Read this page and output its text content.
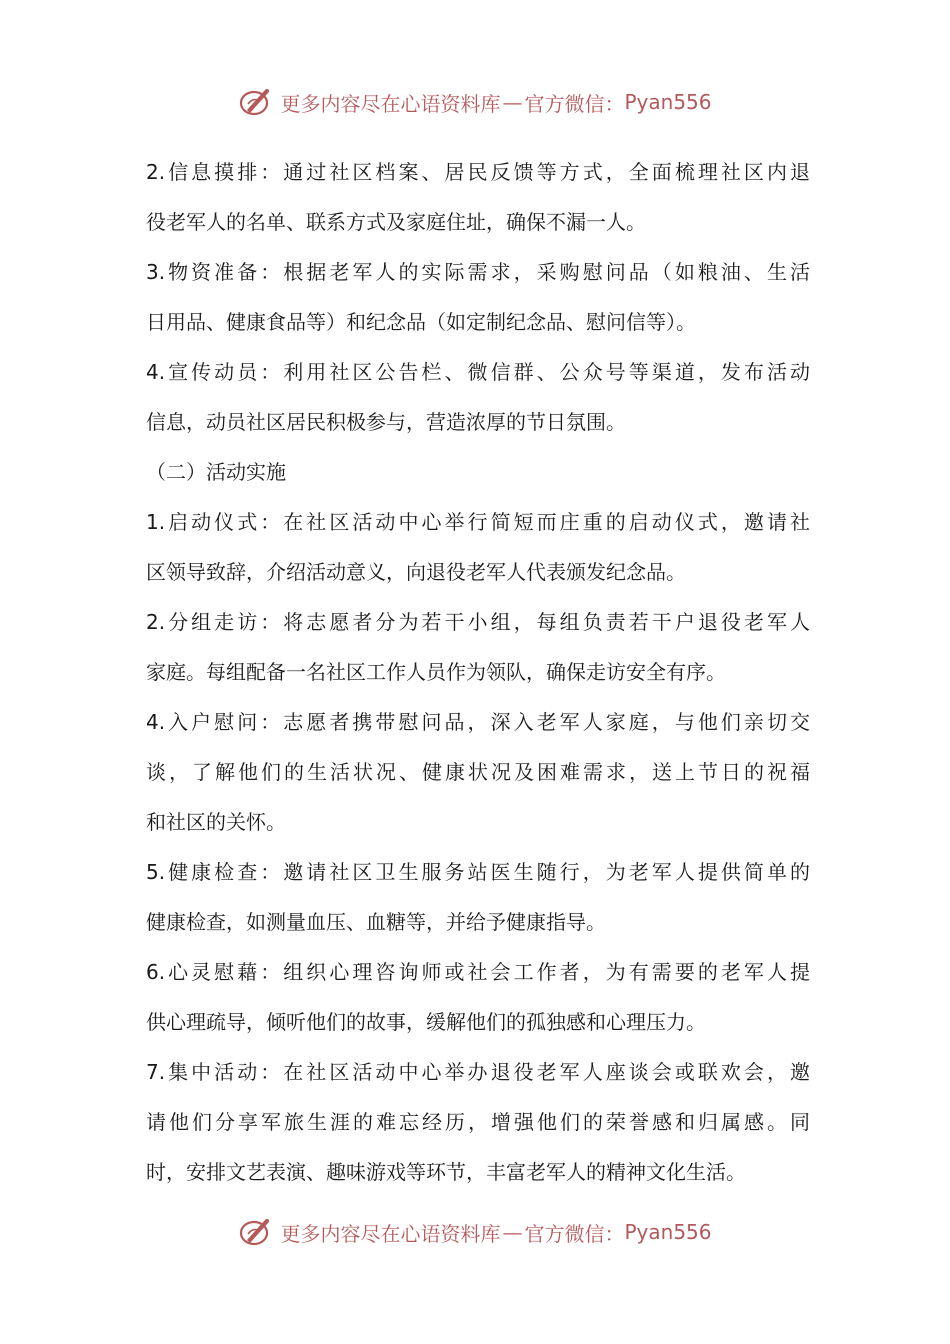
更多内容尽在心语资料库 — 官方微信： Pyan556
2.信息摸排：通过社区档案、居民反馈等方式，全面梳理社区内退
役老军人的名单、联系方式及家庭住址，确保不漏一人。
3.物资准备：根据老军人的实际需求，采购慰问品（如粮油、生活
日用品、健康食品等）和纪念品（如定制纪念品、慰问信等）。
4.宣传动员：利用社区公告栏、微信群、公众号等渠道，发布活动
信息，动员社区居民积极参与，营造浓厚的节日氛围。
（二）活动实施
1.启动仪式：在社区活动中心举行简短而庄重的启动仪式，邀请社
区领导致辞，介绍活动意义，向退役老军人代表颁发纪念品。
2.分组走访：将志愿者分为若干小组，每组负责若干户退役老军人
家庭。每组配备一名社区工作人员作为领队，确保走访安全有序。
4.入户慰问：志愿者携带慰问品，深入老军人家庭，与他们亲切交
谈，了解他们的生活状况、健康状况及困难需求，送上节日的祝福
和社区的关怀。
5.健康检查：邀请社区卫生服务站医生随行，为老军人提供简单的
健康检查，如测量血压、血糖等，并给予健康指导。
6.心灵慰藉：组织心理咨询师或社会工作者，为有需要的老军人提
供心理疏导，倾听他们的故事，缓解他们的孤独感和心理压力。
7.集中活动：在社区活动中心举办退役老军人座谈会或联欢会，邀
请他们分享军旅生涯的难忘经历，增强他们的荣誉感和归属感。同
时，安排文艺表演、趣味游戏等环节，丰富老军人的精神文化生活。
更多内容尽在心语资料库 — 官方微信： Pyan556
